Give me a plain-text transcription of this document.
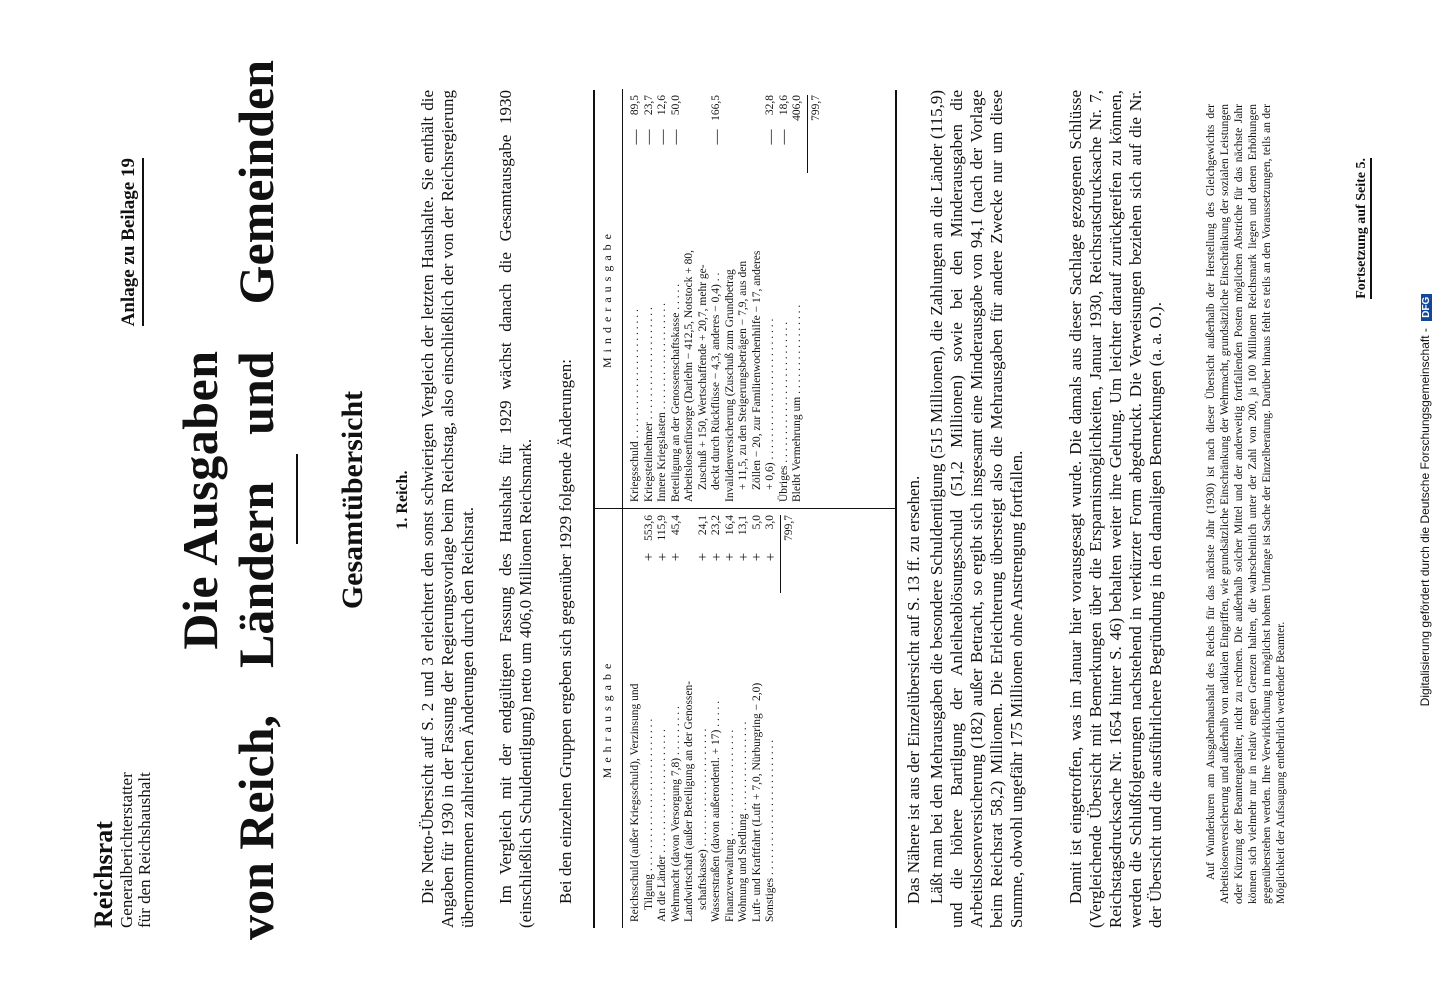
Reichsrat Generalberichterstatter für den Reichshaushalt
Anlage zu Beilage 19
Die Ausgaben
von Reich,
Ländern
und
Gemeinden
Gesamtübersicht 1. Reich. Die Netto-Übersicht auf S. 2 und 3 erleichtert den sonst schwierigen Vergleich der letzten Haushalte. Sie enthält die Angaben für 1930 in der Fassung der Regierungsvorlage beim Reichstag, also einschließlich der von der Reichsregierung übernommenen zahlreichen Änderungen durch den Reichsrat. Im Vergleich mit der endgültigen Fassung des Haushalts für 1929 wächst danach die Gesamtausgabe 1930 (einschließlich Schuldentilgung) netto um 406,0 Millionen Reichsmark. Bei den einzelnen Gruppen ergeben sich gegenüber 1929 folgende Änderungen: Mehrausgabe	Reichsschuld (außer Kriegsschuld), Verzinsung und Tilgung . . . . . . . . . . . . . . . . . . . . . . . . . . .
+
553,6
An die Länder . . . . . . . . . . . . . . . . . . . . . .
+
115,9
Wehrmacht (davon Versorgung 7,8) . . . . . . . . .
+
45,4
Landwirtschaft (außer Beteiligung an der Genossen- schaftskasse) . . . . . . . . . . . . . . . . . . . . .
+
24,1
Wasserstraßen (davon außerordentl. + 17) . . . . .
+
23,2
Finanzverwaltung . . . . . . . . . . . . . . . . . . .
+
16,4
Wohnung und Siedlung . . . . . . . . . . . . . . . .
+
13,1
Luft- und Kraftfahrt (Luft + 7,0, Nürburgring − 2,0)
+
5,0
Sonstiges . . . . . . . . . . . . . . . . . . . . . . . .
+
3,0 799,7
Minderausgabe
Kriegsschuld . . . . . . . . . . . . . . . . . . . . . . .
—
89,5
Kriegsteilnehmer . . . . . . . . . . . . . . . . . . . .
—
23,7
Innere Kriegslasten . . . . . . . . . . . . . . . . . . .
—
12,6
Beteiligung an der Genossenschaftskasse . . . . .
—
50,0
Arbeitslosenfürsorge (Darlehn − 412,5, Notstock + 80, Zuschuß + 150, Wertschaffende + 20,7, mehr ge- deckt durch Rückflüsse − 4,3, anderes − 0,4) . .
—
166,5
Invalidenversicherung (Zuschuß zum Grundbetrag + 11,5, zu den Steigerungsbeträgen − 7,9, aus den Zöllen − 20, zur Familienwochenhilfe − 17, anderes + 0,6) . . . . . . . . . . . . . . . . . . . . . . . . .
—
32,8
Übriges . . . . . . . . . . . . . . . . . . . . . . . . .
—
18,6
Bleibt Vermehrung um . . . . . . . . . . . . . . . .
406,0 799,7

Das Nähere ist aus der Einzelübersicht auf S. 13 ff. zu ersehen. Läßt man bei den Mehrausgaben die besondere Schuldentilgung (515 Millionen), die Zahlungen an die Länder (115,9) und die höhere Bartilgung der Anleiheablösungsschuld (51,2 Millionen) sowie bei den Minderausgaben die Arbeitslosenversicherung (182) außer Betracht, so ergibt sich insgesamt eine Minderausgabe von 94,1 (nach der Vorlage beim Reichsrat 58,2) Millionen. Die Erleichterung übersteigt also die Mehrausgaben für andere Zwecke nur um diese Summe, obwohl ungefähr 175 Millionen ohne Anstrengung fortfallen. Damit ist eingetroffen, was im Januar hier vorausgesagt wurde. Die damals aus dieser Sachlage gezogenen Schlüsse (Vergleichende Übersicht mit Bemerkungen über die Ersparnismöglichkeiten, Januar 1930, Reichsratsdrucksache Nr. 7, Reichstagsdrucksache Nr. 1654 hinter S. 46) behalten weiter ihre Geltung. Um leichter darauf zurückgreifen zu können, werden die Schlußfolgerungen nachstehend in verkürzter Form abgedruckt. Die Verweisungen beziehen sich auf die Nr. der Übersicht und die ausführlichere Begründung in den damaligen Bemerkungen (a. a. O.).	Auf Wunderkuren am Ausgabenhaushalt des Reichs für das nächste Jahr (1930) ist nach dieser Übersicht außerhalb der Herstellung des Gleichgewichts der Arbeitslosenversicherung und außerhalb von radikalen Eingriffen, wie grundsätzliche Einschränkung der Wehrmacht, grundsätzliche Einschränkung der sozialen Leistungen oder Kürzung der Beamtengehälter, nicht zu rechnen. Die außerhalb solcher Mittel und der anderweitig fortfallenden Posten möglichen Abstriche für das nächste Jahr können sich vielmehr nur in relativ engen Grenzen halten, die wahrscheinlich unter der Zahl von 200, ja 100 Millionen Reichsmark liegen und denen Erhöhungen gegenüberstehen werden. Ihre Verwirklichung in möglichst hohem Umfange ist Sache der Einzelberatung. Darüber hinaus fehlt es teils an den Voraussetzungen, teils an der Möglichkeit der Aufsaugung entbehrlich werdender Beamter.

Fortsetzung auf Seite 5.
Digitalisierung gefördert durch die Deutsche Forschungsgemeinschaft - DFG
